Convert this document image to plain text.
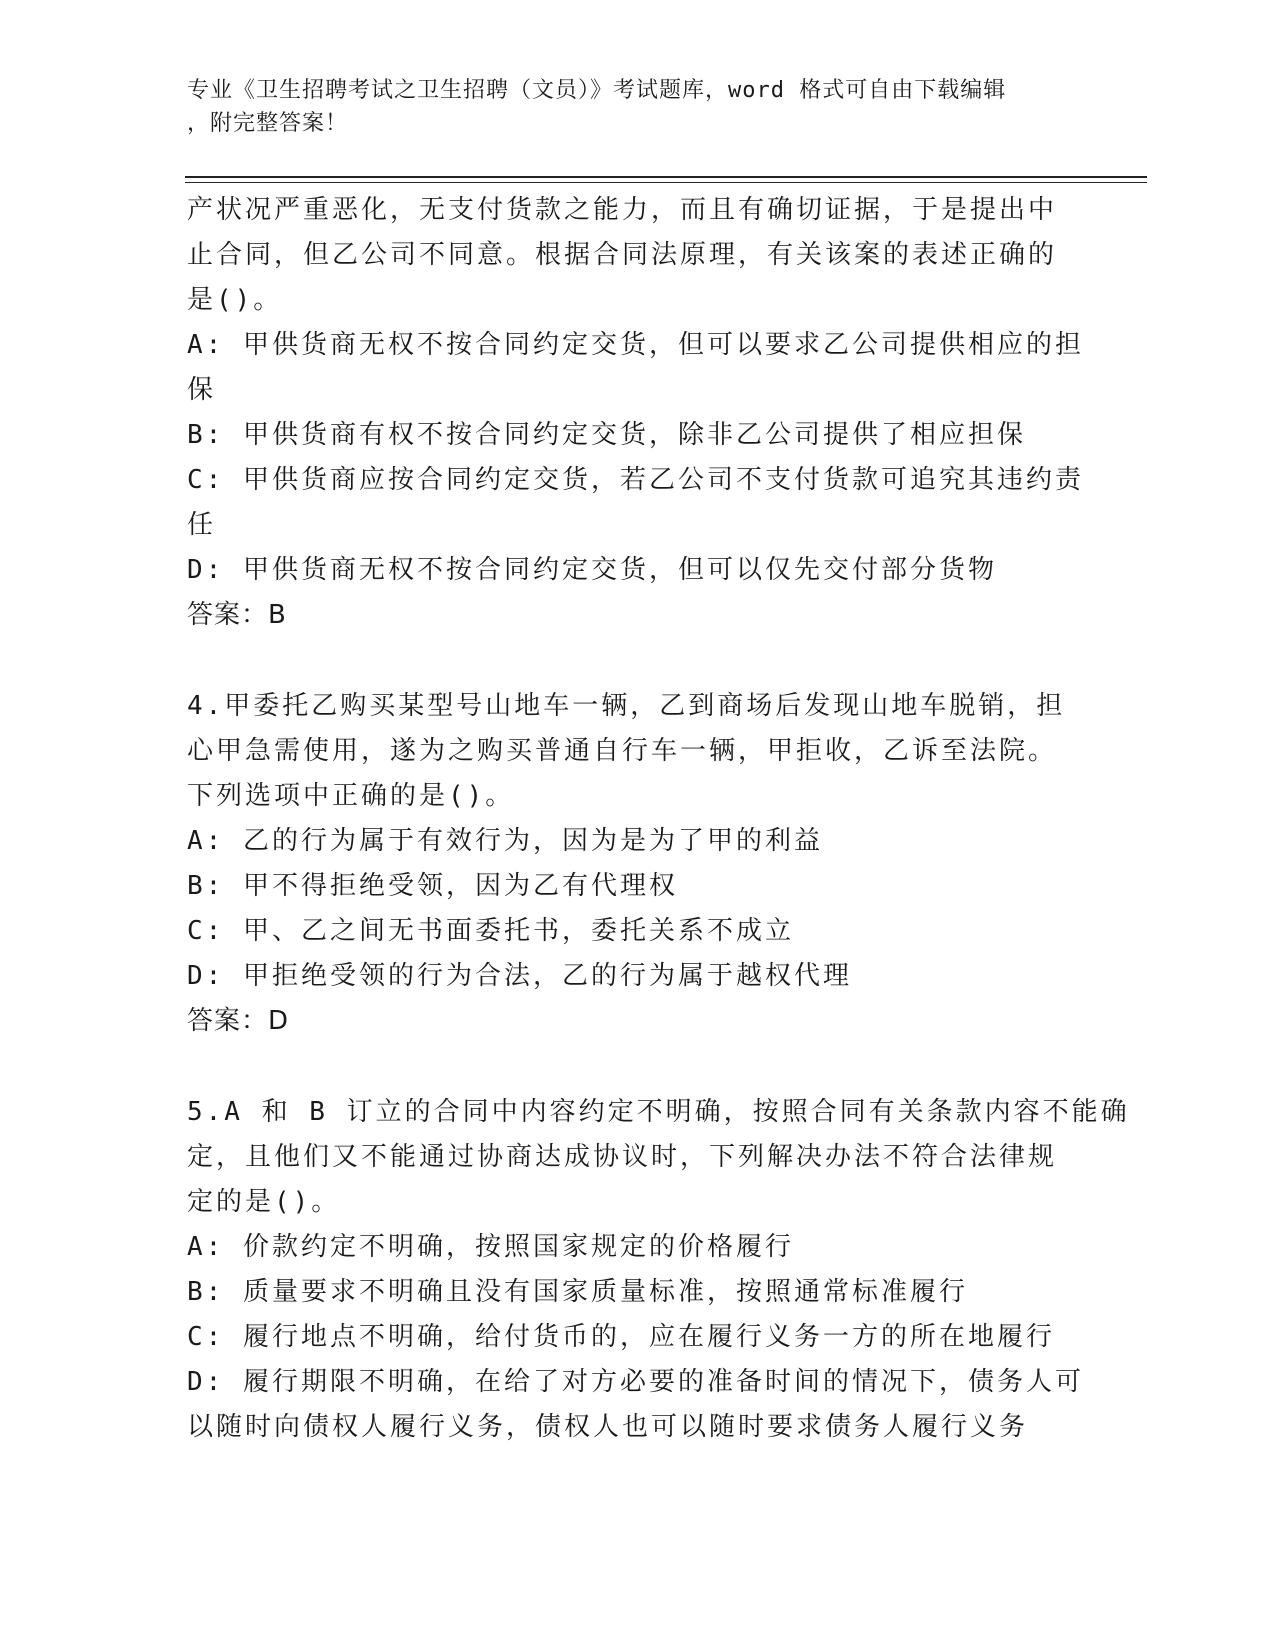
专业《卫生招聘考试之卫生招聘（文员）》考试题库，word 格式可自由下载编辑
，附完整答案！
产状况严重恶化，无支付货款之能力，而且有确切证据，于是提出中
止合同，但乙公司不同意。根据合同法原理，有关该案的表述正确的
是()。
A: 甲供货商无权不按合同约定交货，但可以要求乙公司提供相应的担
保
B: 甲供货商有权不按合同约定交货，除非乙公司提供了相应担保
C: 甲供货商应按合同约定交货，若乙公司不支付货款可追究其违约责
任
D: 甲供货商无权不按合同约定交货，但可以仅先交付部分货物
答案：B
4.甲委托乙购买某型号山地车一辆，乙到商场后发现山地车脱销，担
心甲急需使用，遂为之购买普通自行车一辆，甲拒收，乙诉至法院。
下列选项中正确的是()。
A: 乙的行为属于有效行为，因为是为了甲的利益
B: 甲不得拒绝受领，因为乙有代理权
C: 甲、乙之间无书面委托书，委托关系不成立
D: 甲拒绝受领的行为合法，乙的行为属于越权代理
答案：D
5.A 和 B 订立的合同中内容约定不明确，按照合同有关条款内容不能确
定，且他们又不能通过协商达成协议时，下列解决办法不符合法律规
定的是()。
A: 价款约定不明确，按照国家规定的价格履行
B: 质量要求不明确且没有国家质量标准，按照通常标准履行
C: 履行地点不明确，给付货币的，应在履行义务一方的所在地履行
D: 履行期限不明确，在给了对方必要的准备时间的情况下，债务人可
以随时向债权人履行义务，债权人也可以随时要求债务人履行义务
